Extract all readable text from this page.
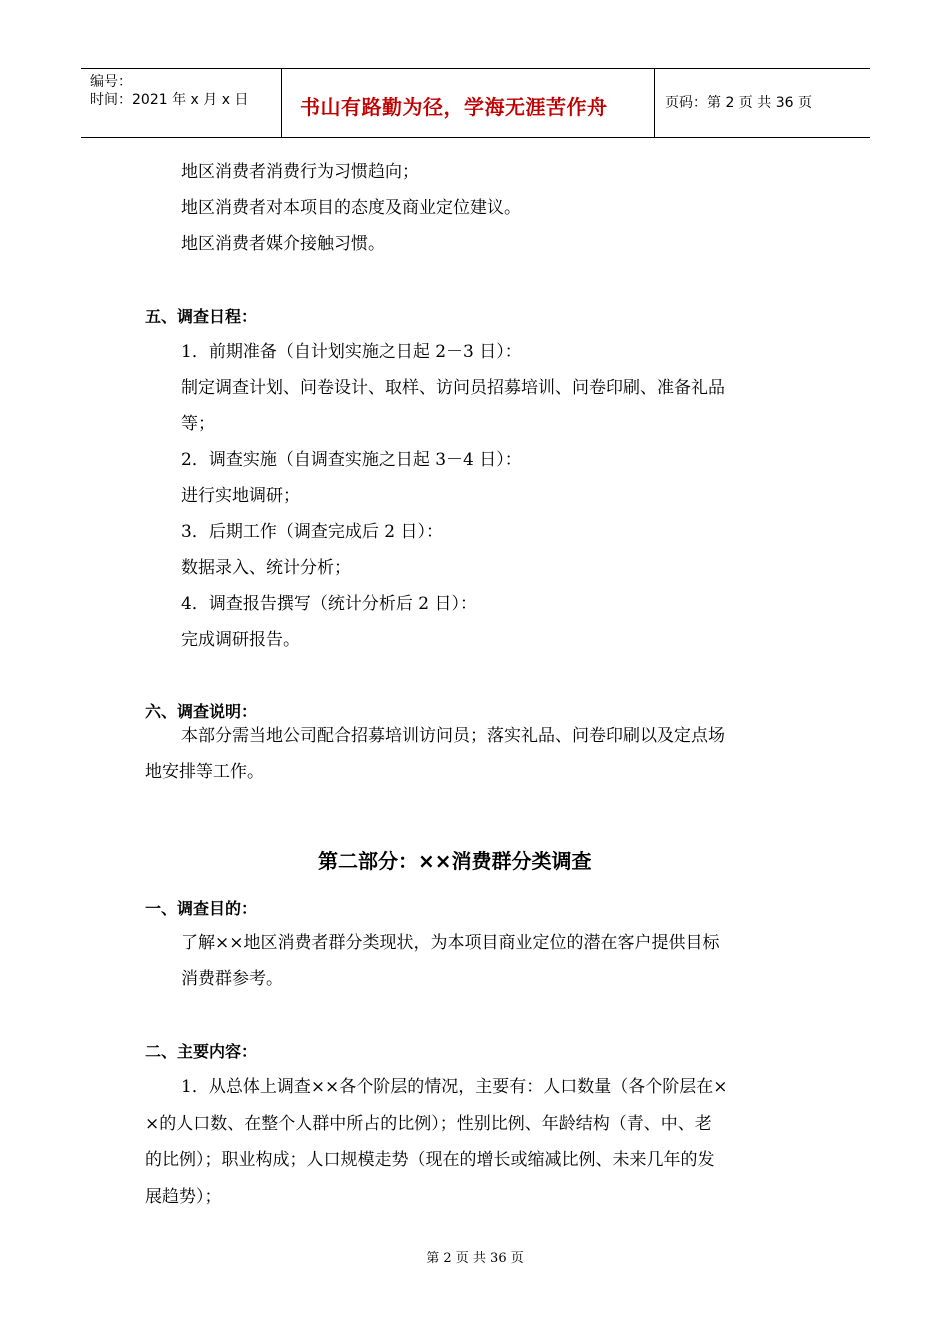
编号：
时间：2021 年 x 月 x 日	书山有路勤为径，学海无涯苦作舟	页码：第 2 页 共 36 页
地区消费者消费行为习惯趋向；
地区消费者对本项目的态度及商业定位建议。
地区消费者媒介接触习惯。
五、调查日程：
1．前期准备（自计划实施之日起 2－3 日）：
制定调查计划、问卷设计、取样、访问员招募培训、问卷印刷、准备礼品
等；
2．调查实施（自调查实施之日起 3－4 日）：
进行实地调研；
3．后期工作（调查完成后 2 日）：
数据录入、统计分析；
4．调查报告撰写（统计分析后 2 日）：
完成调研报告。
六、调查说明：
本部分需当地公司配合招募培训访问员；落实礼品、问卷印刷以及定点场
地安排等工作。
第二部分：××消费群分类调查
一、调查目的：
了解××地区消费者群分类现状，为本项目商业定位的潜在客户提供目标
消费群参考。
二、主要内容：
1．从总体上调查××各个阶层的情况，主要有：人口数量（各个阶层在×
×的人口数、在整个人群中所占的比例）；性别比例、年龄结构（青、中、老
的比例）；职业构成；人口规模走势（现在的增长或缩减比例、未来几年的发
展趋势）；
第 2 页 共 36 页
